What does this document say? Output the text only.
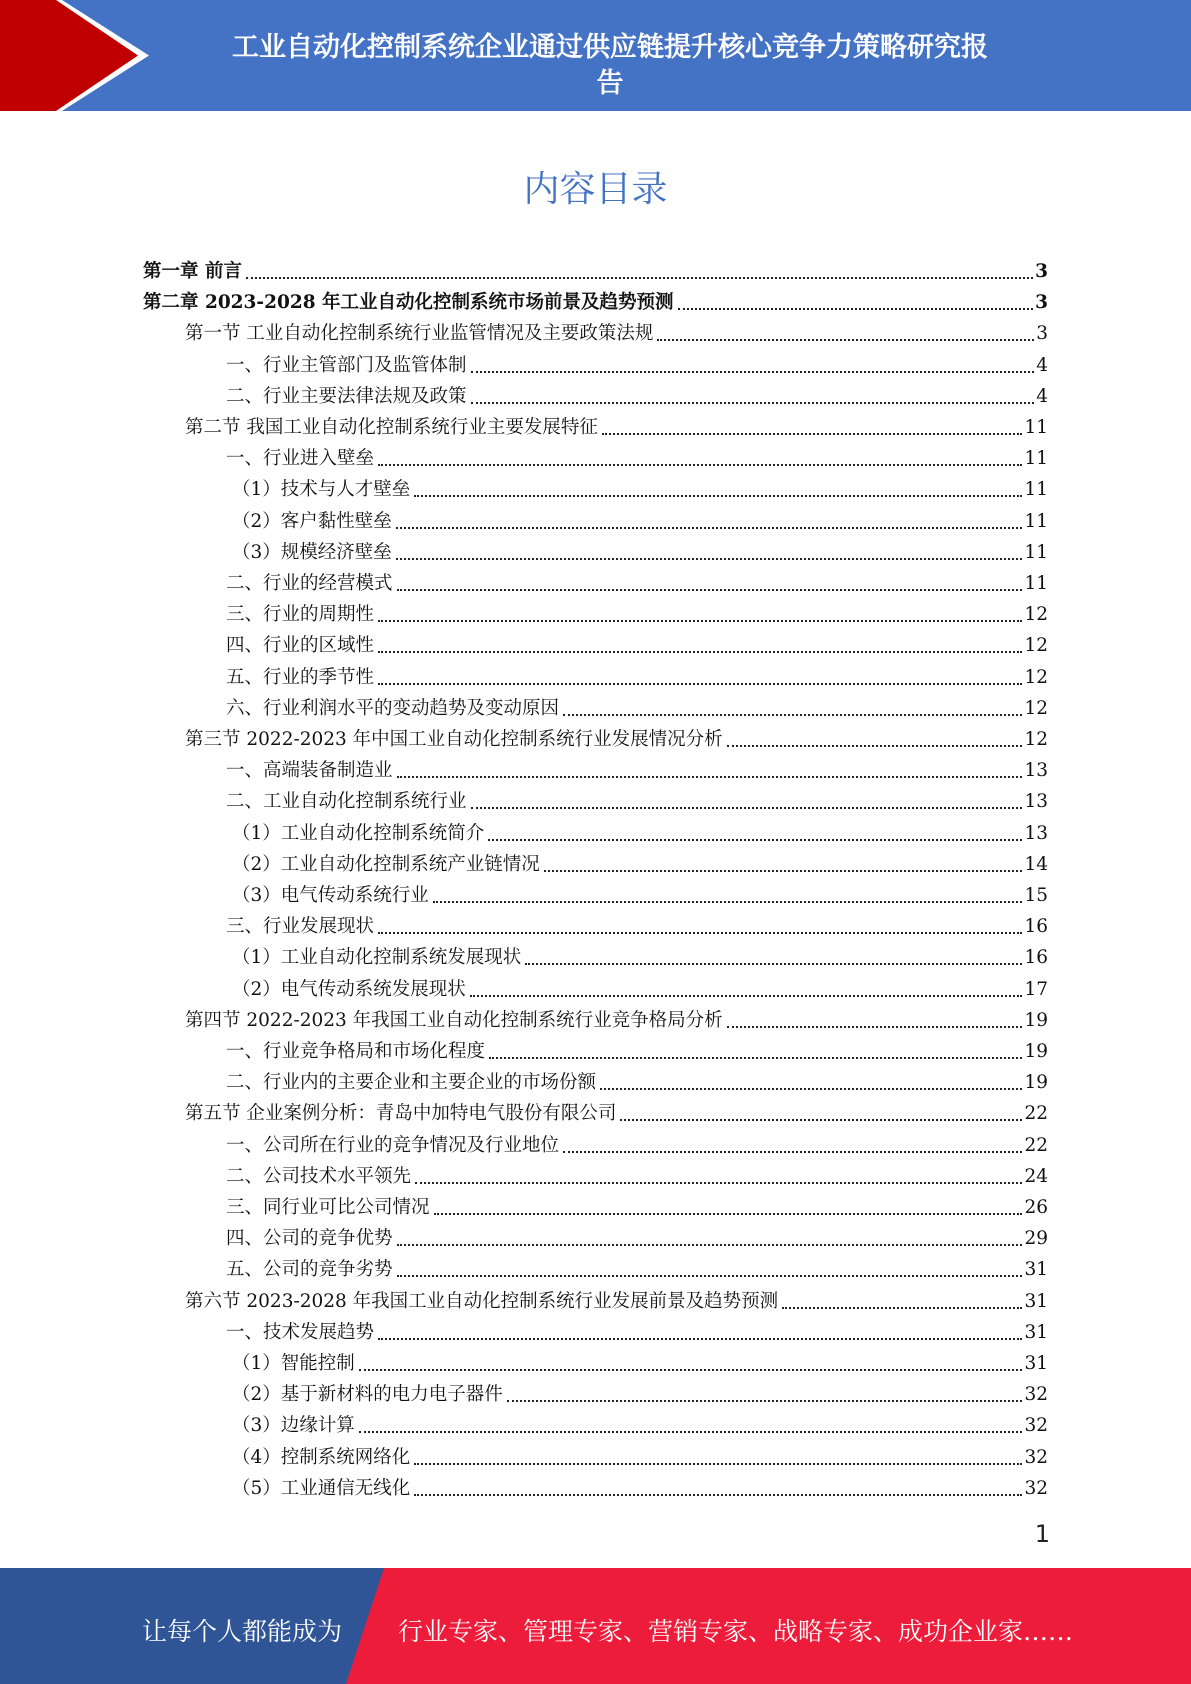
工业自动化控制系统企业通过供应链提升核心竞争力策略研究报
告
内容目录
第一章 前言	3
第二章 2023-2028 年工业自动化控制系统市场前景及趋势预测	3
第一节 工业自动化控制系统行业监管情况及主要政策法规	3
一、行业主管部门及监管体制	4
二、行业主要法律法规及政策	4
第二节 我国工业自动化控制系统行业主要发展特征	11
一、行业进入壁垒	11
（1）技术与人才壁垒	11
（2）客户黏性壁垒	11
（3）规模经济壁垒	11
二、行业的经营模式	11
三、行业的周期性	12
四、行业的区域性	12
五、行业的季节性	12
六、行业利润水平的变动趋势及变动原因	12
第三节 2022-2023 年中国工业自动化控制系统行业发展情况分析	12
一、高端装备制造业	13
二、工业自动化控制系统行业	13
（1）工业自动化控制系统简介	13
（2）工业自动化控制系统产业链情况	14
（3）电气传动系统行业	15
三、行业发展现状	16
（1）工业自动化控制系统发展现状	16
（2）电气传动系统发展现状	17
第四节 2022-2023 年我国工业自动化控制系统行业竞争格局分析	19
一、行业竞争格局和市场化程度	19
二、行业内的主要企业和主要企业的市场份额	19
第五节 企业案例分析：青岛中加特电气股份有限公司	22
一、公司所在行业的竞争情况及行业地位	22
二、公司技术水平领先	24
三、同行业可比公司情况	26
四、公司的竞争优势	29
五、公司的竞争劣势	31
第六节 2023-2028 年我国工业自动化控制系统行业发展前景及趋势预测	31
一、技术发展趋势	31
（1）智能控制	31
（2）基于新材料的电力电子器件	32
（3）边缘计算	32
（4）控制系统网络化	32
（5）工业通信无线化	32
1
让每个人都能成为 行业专家、管理专家、营销专家、战略专家、成功企业家……
